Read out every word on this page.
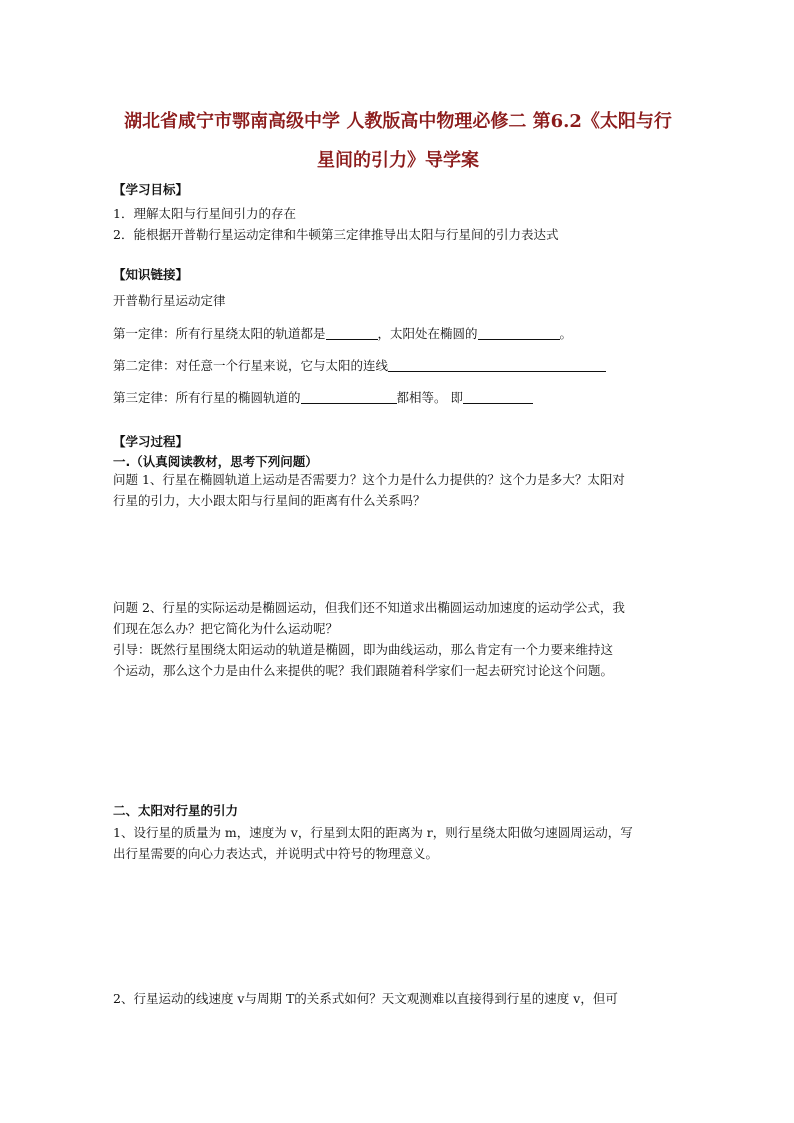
湖北省咸宁市鄂南高级中学 人教版高中物理必修二 第6.2《太阳与行
星间的引力》导学案
【学习目标】
1．理解太阳与行星间引力的存在
2．能根据开普勒行星运动定律和牛顿第三定律推导出太阳与行星间的引力表达式
【知识链接】
开普勒行星运动定律
第一定律：所有行星绕太阳的轨道都是	，太阳处在椭圆的	。
第二定律：对任意一个行星来说，它与太阳的连线
第三定律：所有行星的椭圆轨道的	都相等。 即
【学习过程】
一.（认真阅读教材，思考下列问题）
问题 1、行星在椭圆轨道上运动是否需要力？这个力是什么力提供的？这个力是多大？太阳对
行星的引力，大小跟太阳与行星间的距离有什么关系吗？
问题 2、行星的实际运动是椭圆运动，但我们还不知道求出椭圆运动加速度的运动学公式，我
们现在怎么办？把它简化为什么运动呢？
引导：既然行星围绕太阳运动的轨道是椭圆，即为曲线运动，那么肯定有一个力要来维持这
个运动，那么这个力是由什么来提供的呢？我们跟随着科学家们一起去研究讨论这个问题。
二、太阳对行星的引力
1、设行星的质量为 m，速度为 v，行星到太阳的距离为 r，则行星绕太阳做匀速圆周运动，写
出行星需要的向心力表达式，并说明式中符号的物理意义。
2、行星运动的线速度 v与周期 T的关系式如何？天文观测难以直接得到行星的速度 v，但可
